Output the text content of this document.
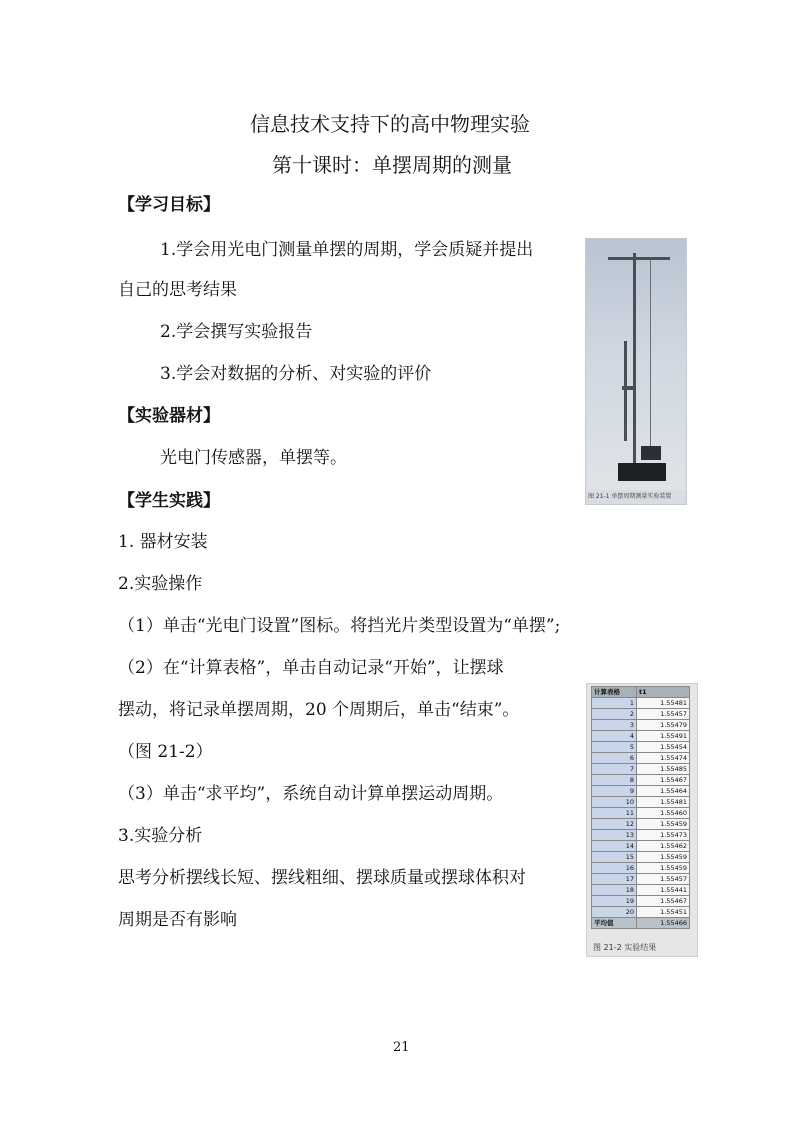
信息技术支持下的高中物理实验
第十课时：单摆周期的测量
【学习目标】
1.学会用光电门测量单摆的周期，学会质疑并提出
自己的思考结果
2.学会撰写实验报告
3.学会对数据的分析、对实验的评价
【实验器材】
光电门传感器，单摆等。
【学生实践】
1. 器材安装
2.实验操作
（1）单击“光电门设置”图标。将挡光片类型设置为“单摆”;
（2）在“计算表格”，单击自动记录“开始”，让摆球
摆动，将记录单摆周期，20 个周期后，单击“结束”。
（图 21-2）
（3）单击“求平均”，系统自动计算单摆运动周期。
3.实验分析
思考分析摆线长短、摆线粗细、摆球质量或摆球体积对
周期是否有影响
图 21-1 单摆周期测量实验装置
计算表格	t1
1	1.55481
2	1.55457
3	1.55479
4	1.55491
5	1.55454
6	1.55474
7	1.55485
8	1.55467
9	1.55464
10	1.55481
11	1.55460
12	1.55459
13	1.55473
14	1.55462
15	1.55459
16	1.55459
17	1.55457
18	1.55441
19	1.55467
20	1.55451
平均值	1.55466
图 21-2 实验结果
21
